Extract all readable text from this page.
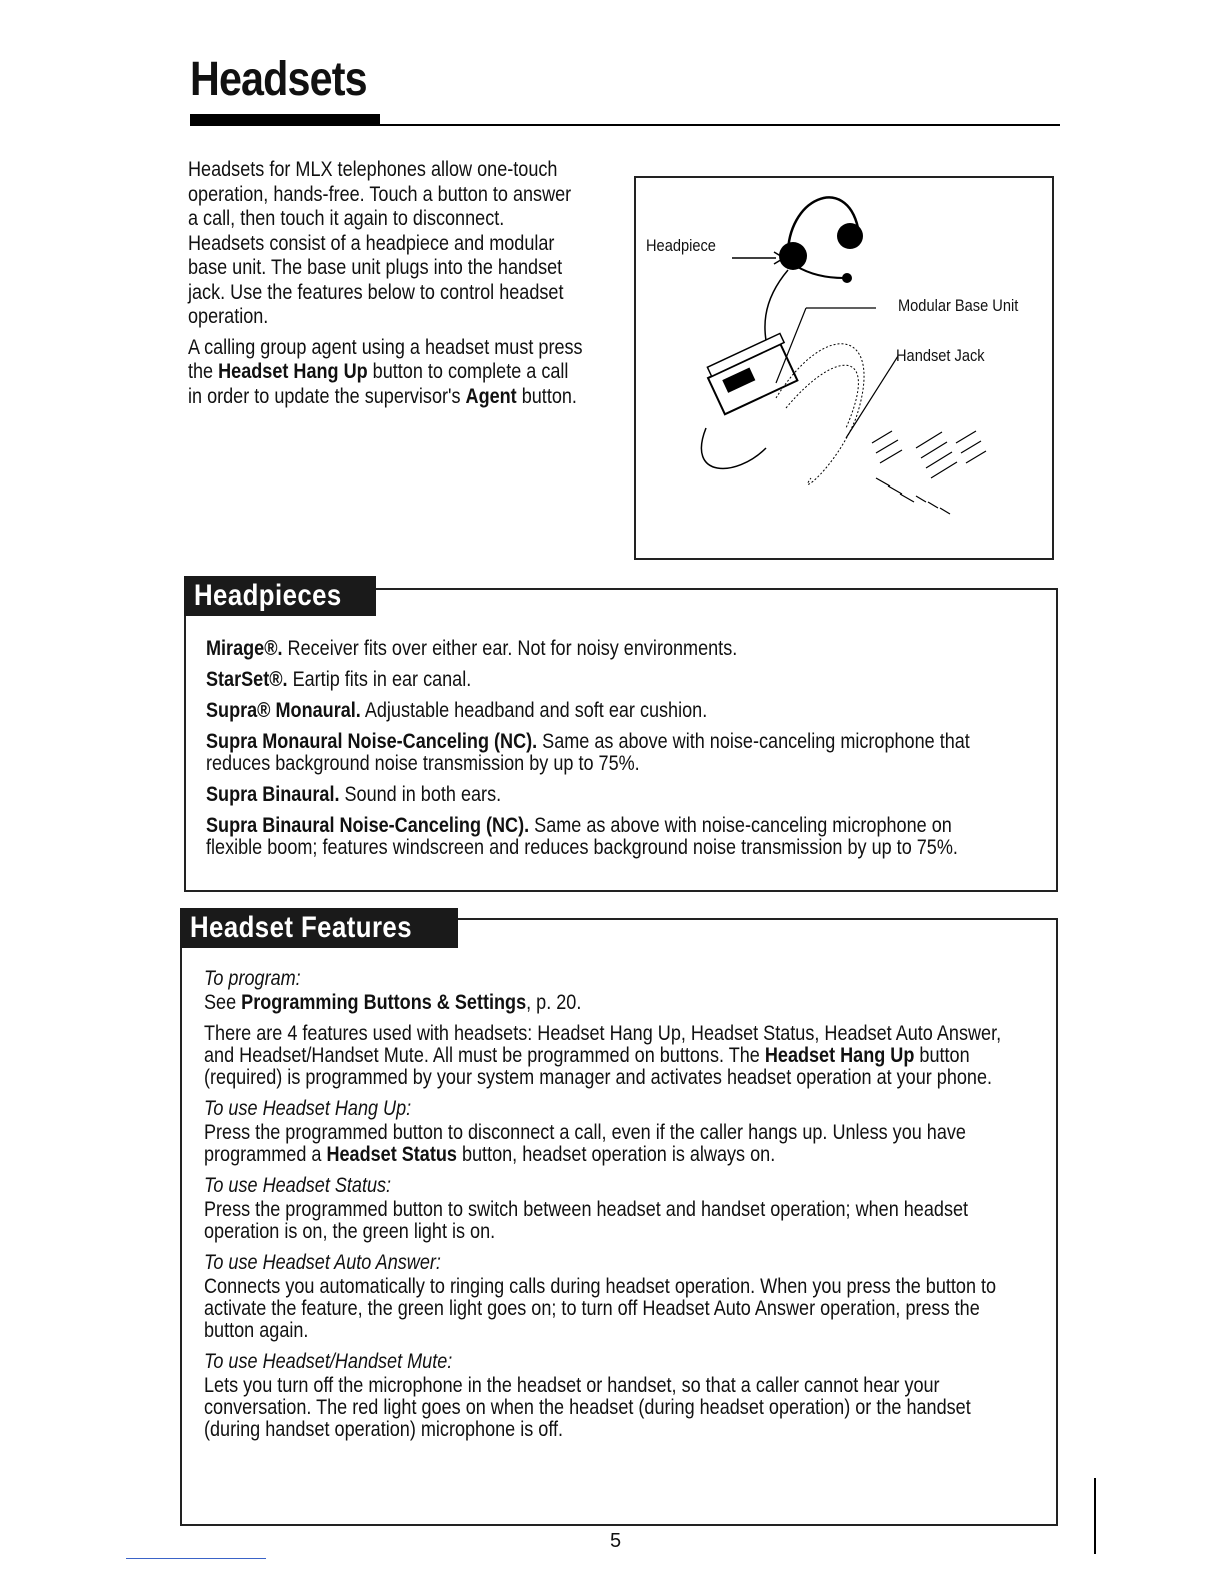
Headsets

Headsets for MLX telephones allow one-touch operation, hands-free. Touch a button to answer a call, then touch it again to disconnect. Headsets consist of a headpiece and modular base unit. The base unit plugs into the handset jack. Use the features below to control headset operation.

A calling group agent using a headset must press the Headset Hang Up button to complete a call in order to update the supervisor's Agent button.

Headpiece
Modular Base Unit
Handset Jack
Headpieces

Mirage®. Receiver fits over either ear. Not for noisy environments.

StarSet®. Eartip fits in ear canal.

Supra® Monaural. Adjustable headband and soft ear cushion.

Supra Monaural Noise-Canceling (NC). Same as above with noise-canceling microphone that reduces background noise transmission by up to 75%.

Supra Binaural. Sound in both ears.

Supra Binaural Noise-Canceling (NC). Same as above with noise-canceling microphone on flexible boom; features windscreen and reduces background noise transmission by up to 75%.

Headset Features

To program:

See Programming Buttons & Settings, p. 20.

There are 4 features used with headsets: Headset Hang Up, Headset Status, Headset Auto Answer, and Headset/Handset Mute. All must be programmed on buttons. The Headset Hang Up button (required) is programmed by your system manager and activates headset operation at your phone.

To use Headset Hang Up:

Press the programmed button to disconnect a call, even if the caller hangs up. Unless you have programmed a Headset Status button, headset operation is always on.

To use Headset Status:

Press the programmed button to switch between headset and handset operation; when headset operation is on, the green light is on.

To use Headset Auto Answer:

Connects you automatically to ringing calls during headset operation. When you press the button to activate the feature, the green light goes on; to turn off Headset Auto Answer operation, press the button again.

To use Headset/Handset Mute:

Lets you turn off the microphone in the headset or handset, so that a caller cannot hear your conversation. The red light goes on when the headset (during headset operation) or the handset (during handset operation) microphone is off.

5
